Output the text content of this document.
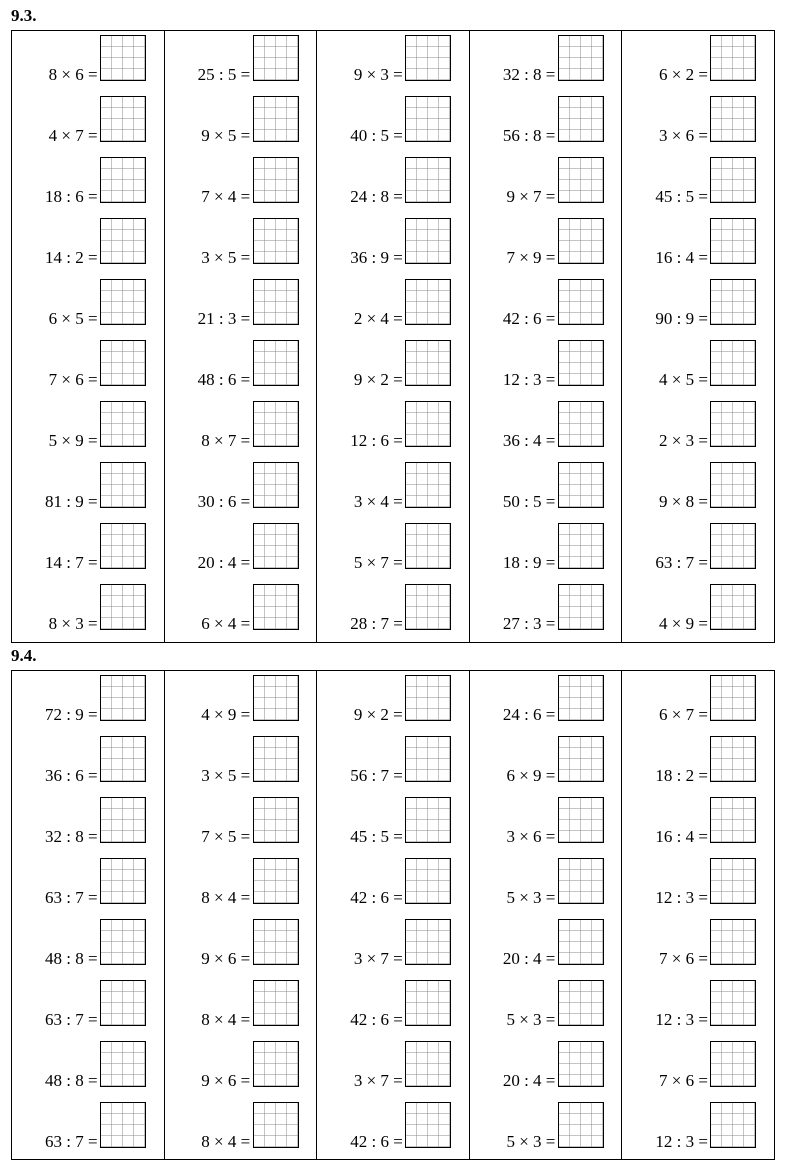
9.3.
8 × 6 =
4 × 7 =
18 : 6 =
14 : 2 =
6 × 5 =
7 × 6 =
5 × 9 =
81 : 9 =
14 : 7 =
8 × 3 =
25 : 5 =
9 × 5 =
7 × 4 =
3 × 5 =
21 : 3 =
48 : 6 =
8 × 7 =
30 : 6 =
20 : 4 =
6 × 4 =
9 × 3 =
40 : 5 =
24 : 8 =
36 : 9 =
2 × 4 =
9 × 2 =
12 : 6 =
3 × 4 =
5 × 7 =
28 : 7 =
32 : 8 =
56 : 8 =
9 × 7 =
7 × 9 =
42 : 6 =
12 : 3 =
36 : 4 =
50 : 5 =
18 : 9 =
27 : 3 =
6 × 2 =
3 × 6 =
45 : 5 =
16 : 4 =
90 : 9 =
4 × 5 =
2 × 3 =
9 × 8 =
63 : 7 =
4 × 9 =
9.4.
72 : 9 =
36 : 6 =
32 : 8 =
63 : 7 =
48 : 8 =
63 : 7 =
48 : 8 =
63 : 7 =
4 × 9 =
3 × 5 =
7 × 5 =
8 × 4 =
9 × 6 =
8 × 4 =
9 × 6 =
8 × 4 =
9 × 2 =
56 : 7 =
45 : 5 =
42 : 6 =
3 × 7 =
42 : 6 =
3 × 7 =
42 : 6 =
24 : 6 =
6 × 9 =
3 × 6 =
5 × 3 =
20 : 4 =
5 × 3 =
20 : 4 =
5 × 3 =
6 × 7 =
18 : 2 =
16 : 4 =
12 : 3 =
7 × 6 =
12 : 3 =
7 × 6 =
12 : 3 =
